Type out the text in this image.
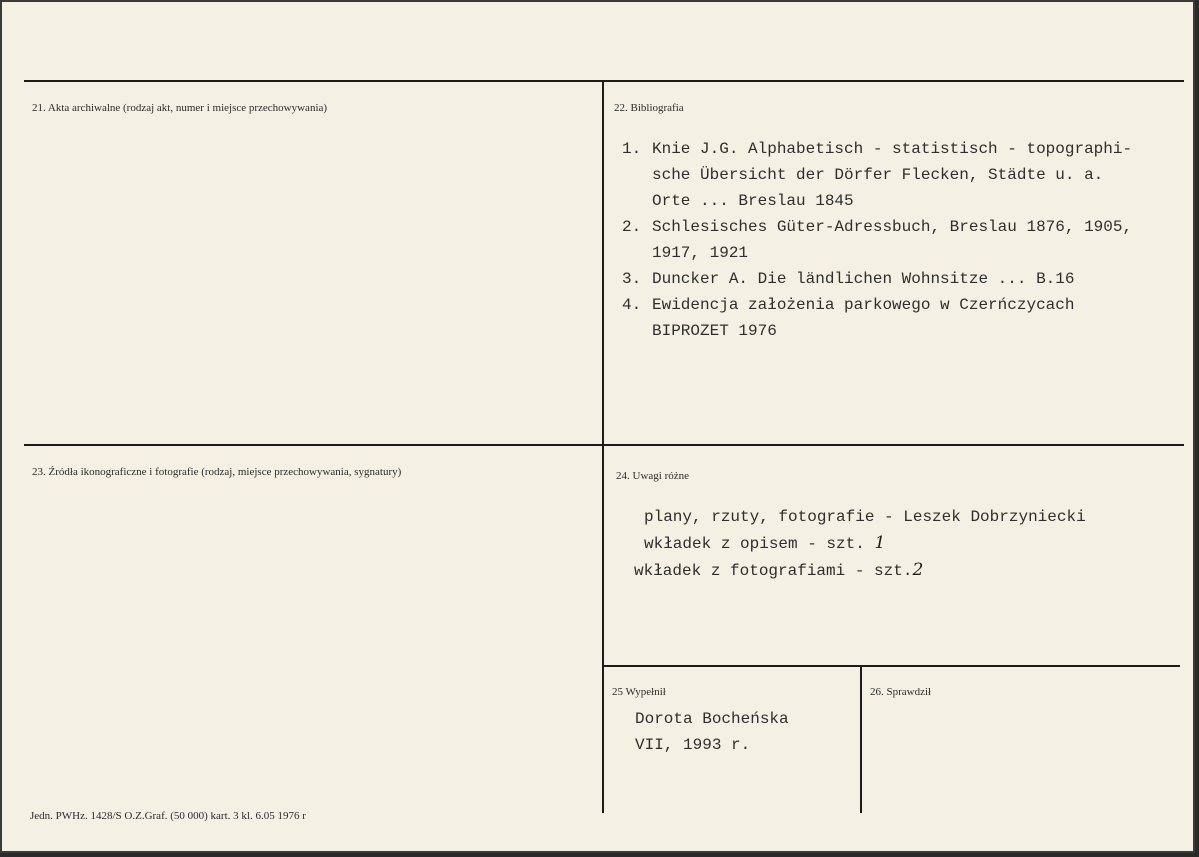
21. Akta archiwalne (rodzaj akt, numer i miejsce przechowywania)	22. Bibliografia
1. Knie J.G. Alphabetisch - statistisch - topographi-
sche Übersicht der Dörfer Flecken, Städte u. a.
Orte ... Breslau 1845
2. Schlesisches Güter-Adressbuch, Breslau 1876, 1905,
1917, 1921
3. Duncker A. Die ländlichen Wohnsitze ... B.16
4. Ewidencja założenia parkowego w Czerńczycach
BIPROZET 1976
23. Źródła ikonograficzne i fotografie (rodzaj, miejsce przechowywania, sygnatury)	24. Uwagi różne
plany, rzuty, fotografie - Leszek Dobrzyniecki
wkładek z opisem - szt. 1
wkładek z fotografiami - szt.2
25 Wypełnił
Dorota Bocheńska
VII, 1993 r.
26. Sprawdził
Jedn. PWHz. 1428/S O.Z.Graf. (50 000) kart. 3 kl. 6.05 1976 r
